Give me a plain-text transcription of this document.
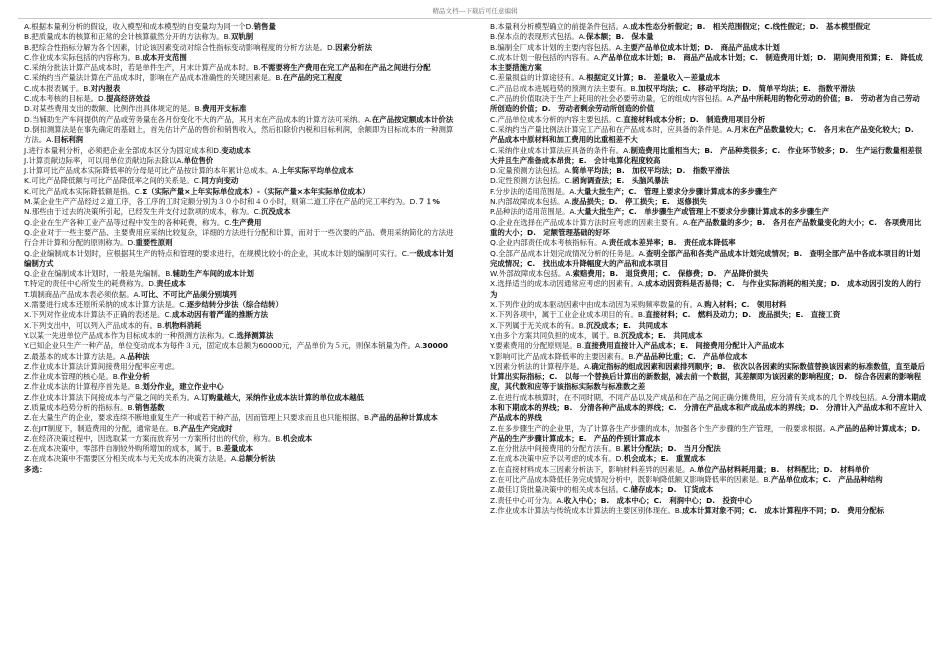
精品文档---下载后可任意编辑

A.根据本量利分析的假设，收入模型和成本模型的自变量均为同一个D.销售量

B.把质量成本的核算和正常的会计核算截然分开的方法称为。B.双轨制

B.把综合性指标分解为各个因素，讨论该因素变动对综合性指标变动影响程度的分析方法是。D.因素分析法

C.作业成本实际包括的内容称为。B.成本开支范围

C.采纳分批法计算产品成本时，若是单件生产，月末计算产品成本时。B.不需要将生产费用在完工产品和在产品之间进行分配

C.采纳约当产量法计算在产品成本时，影响在产品成本准确性的关键因素是。B.在产品的完工程度

C.成本报表属于。B.对内报表

C.成本考核的目标是。D.提高经济效益

D.对某些费用支出的数额、比例作出具体规定的是。B.费用开支标准

D.当辅助生产车间提供的产品或劳务量在各月份变化不大的产品，其月末在产品成本的计算方法可采纳。A.在产品按定额成本计价法

D.倒扣测算法是在事先确定的基础上，首先估计产品的售价和销售收入，然后扣除价内税和目标利润，余额即为目标成本的一种测算方法。A.目标利润

J.进行本量利分析，必须把企业全部成本区分为固定成本和D.变动成本

J.计算贡献边际率，可以用单位贡献边际去除以A.单位售价

J.计算可比产品成本实际降低率的分母是可比产品按计算的本年累计总成本。A.上年实际平均单位成本

K.可比产品降低额与可比产品降低率之间的关系是。C.同方向变动

K.可比产品成本实际降低额是指。C.Σ（实际产量×上年实际单位成本）-（实际产量×本年实际单位成本）

M.某企业生产产品经过２道工序，各工序的工时定额分别为３０小时和４０小时，则第二道工序在产品的完工率约为。D.７１%

N.那些由于过去的决策所引起，已经发生并支付过款项的成本，称为。C.沉没成本

Q.企业在生产各种工业产品等过程中发生的各种耗费，称为。C.生产费用

Q.企业对于一些主要产品、主要费用应采纳比较复杂，详细的方法进行分配和计算，而对于一些次要的产品、费用采纳简化的方法进行合并计算和分配的原则称为。D.重要性原则

Q.企业编制成本计划时，应根据其生产的特点和管理的要求进行，在规模比较小的企业，其成本计划的编制可实行。C.一级成本计划编制方式

Q.企业在编制成本计划时，一般是先编制。B.辅助生产车间的成本计划

T.特定的责任中心所发生的耗费称为。D.责任成本

T.填制商品产品成本表必须依据。A.可比、不可比产品须分别填列

X.需要进行成本还原所采纳的成本计算方法是。C.逐步结转分步法（综合结转）

X.下列对作业成本计算法不正确的表述是。C.成本动因有着严谨的推断方法

X.下列支出中，可以列入产品成本的有。B.机物料消耗

Y.以某一先进单位产品成本作为目标成本的一种预测方法称为。C.选择测算法

Y.已知企业只生产一种产品，单位变动成本为每件３元，固定成本总额为60000元，产品单价为５元，则保本销量为件。A.30000

Z.最基本的成本计算方法是。A.品种法

Z.作业成本计算法计算间接费用分配率应考虑。

Z.作业成本管理的核心是。B.作业分析

Z.作业成本法的计算程序首先是。B.划分作业，建立作业中心

Z.作业成本计算法下间接成本与产量之间的关系为。A.订购量越大，采纳作业成本法计算的单位成本越低

Z.质量成本趋势分析的指标有。B.销售基数

Z.在大量生产的企业，要求连续不断地重复生产一种或若干种产品，因而管理上只要求而且也只能根据。B.产品的品种计算成本

Z.在JIT制度下，制造费用的分配，通常是在。B.产品生产完成时

Z.在经济决策过程中，因选取某一方案而放弃另一方案所付出的代价，称为。B.机会成本

Z.在成本决策中，零部件自制较外购所增加的成本，属于。B.差量成本

Z.在成本决策中不需要区分相关成本与无关成本的决策方法是。A.总额分析法

多选：

B.本量利分析模型确立的前提条件包括。A.成本性态分析假定；B.　相关范围假定；C.线性假定；D.　基本模型假定

B.保本点的表现形式包括。A.保本额；B.　保本量

B.编制全厂成本计划的主要内容包括。A.主要产品单位成本计划；D.　商品产品成本计划

C.成本计划一般包括的内容有。A.产品单位成本计划；B.　商品产品成本计划；C.　制造费用计划；D.　期间费用预算；E.　降低成本主要措施方案

C.差量损益的计算途径有。A.根据定义计算；B.　差量收入－差量成本

C.产品总成本进展趋势的预测方法主要有。B.加权平均法；C.　移动平均法；D.　简单平均法；E.　指数平滑法

C.产品的价值取决于生产上耗用的社会必要劳动量，它的组成内容包括。A.产品中所耗用的物化劳动的价值；B.　劳动者为自己劳动所创造的价值；D.　劳动者剩余劳动所创造的价值

C.产品单位成本分析的内容主要包括。C.直接材料成本分析；D.　制造费用项目分析

C.采纳约当产量比例法计算完工产品和在产品成本时，应具备的条件是。A.月末在产品数量较大；C.　各月末在产品变化较大；D.　产品成本中原材料和加工费用的比重相差不大

C.采纳作业成本计算法应具备的条件有。A.制造费用比重相当大；B.　产品种类很多；C.　作业环节较多；D.　生产运行数量相差很大并且生产准备成本昂贵；E.　会计电算化程度较高

D.定量预测方法包括。A.简单平均法；B.　加权平均法；D.　指数平滑法

D.定性预测方法包括。C.函询调查法；E.　头脑风暴法

F.分步法的适用范围是。A.大量大批生产；C.　管理上要求分步骤计算成本的多步骤生产

N.内部故障成本包括。A.废品损失；D.　停工损失；E.　返修损失

P.品种法的适用范围是。A.大量大批生产；C.　单步骤生产或管理上不要求分步骤计算成本的多步骤生产

Q.企业在选择在产品成本计算方法时应考虑的因素主要有。A.在产品数量的多少；B.　各月在产品数量变化的大小；C.　各项费用比重的大小；D.　定额管理基础的好坏

Q.企业内部责任成本考核指标有。A.责任成本差异率；B.　责任成本降低率

Q.全部产品成本计划完成情况分析的任务是。A.查明全部产品和各类产品成本计划完成情况；B.　查明全部产品中各成本项目的计划完成情况；C.　找出成本升降幅度大的产品和成本项目

W.外部故障成本包括。A.索赔费用；B.　退货费用；C.　保修费；D.　产品降价损失

X.选择适当的成本动因通常应考虑的因素有。A.成本动因资料是否易得；C.　与作业实际消耗的相关度；D.　成本动因引发的人的行为

X.下列作业的成本驱动因素中由成本动因为采购频率数量的有。A.购入材料；C.　领用材料

X.下列各项中，属于工业企业成本项目的有。B.直接材料；C.　燃料及动力；D.　废品损失；E.　直接工资

X.下列属于无关成本的有。B.沉没成本；E.　共同成本

Y.由多个方案共同负担的成本，属于。B.沉没成本；E.　共同成本

Y.要素费用的分配原则是。B.直接费用直接计入产品成本；E.　间接费用分配计入产品成本

Y.影响可比产品成本降低率的主要因素有。B.产品品种比重；C.　产品单位成本

Y.因素分析法的计算程序是。A.确定指标的组成因素和因素排列顺序；B.　依次以各因素的实际数值替换该因素的标准数值，直至最后计算出实际指标；C.　以每一个替换后计算出的新数据，减去前一个数据，其差额即为该因素的影响程度；D.　综合各因素的影响程度，其代数和应等于该指标实际数与标准数之差

Z.在进行成本核算时，在不同时期，不同产品以及产成品和在产品之间正确分摊费用，应分清有关成本的几个界线包括。A.分清本期成本和下期成本的界线；B.　分清各种产品成本的界线；C.　分清在产品成本和产成品成本的界线；D.　分清计入产品成本和不应计入产品成本的界线

Z.在多步骤生产的企业里，为了计算各生产步骤的成本，加强各个生产步骤的生产管理，一般要求根据。A.产品的品种计算成本；D.　产品的生产步骤计算成本；E.　产品的件别计算成本

Z.在分批法中间接费用的分配方法有。B.累计分配法；D.　当月分配法

Z.在成本决策中应予以考虑的成本有。D.机会成本；E.　重置成本

Z.在直接材料成本三因素分析法下，影响材料差异的因素是。A.单位产品材料耗用量；B.　材料配比；D.　材料单价

Z.在可比产品成本降低任务完成情况分析中，既影响降低额又影响降低率的因素是。B.产品单位成本；C.　产品品种结构

Z.最佳订货批量决策中的相关成本包括。C.储存成本；D.　订货成本

Z.责任中心可分为。A.收入中心；B.　成本中心；C.　利润中心；D.　投资中心

Z.作业成本计算法与传统成本计算法的主要区别体现在。B.成本计算对象不同；C.　成本计算程序不同；D.　费用分配标
